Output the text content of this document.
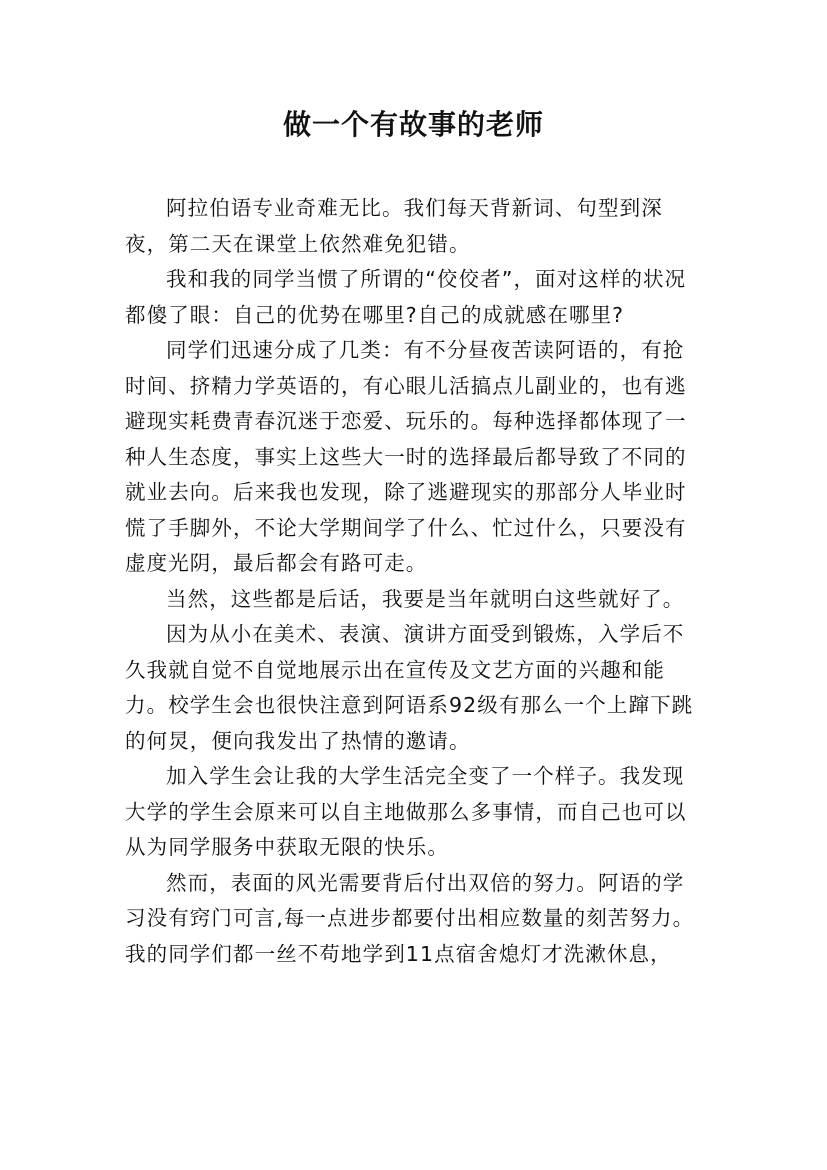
做一个有故事的老师

阿拉伯语专业奇难无比。我们每天背新词、句型到深夜，第二天在课堂上依然难免犯错。

我和我的同学当惯了所谓的“佼佼者”，面对这样的状况都傻了眼：自己的优势在哪里?自己的成就感在哪里?

同学们迅速分成了几类：有不分昼夜苦读阿语的，有抢时间、挤精力学英语的，有心眼儿活搞点儿副业的，也有逃避现实耗费青春沉迷于恋爱、玩乐的。每种选择都体现了一种人生态度，事实上这些大一时的选择最后都导致了不同的就业去向。后来我也发现，除了逃避现实的那部分人毕业时慌了手脚外，不论大学期间学了什么、忙过什么，只要没有虚度光阴，最后都会有路可走。

当然，这些都是后话，我要是当年就明白这些就好了。

因为从小在美术、表演、演讲方面受到锻炼，入学后不久我就自觉不自觉地展示出在宣传及文艺方面的兴趣和能力。校学生会也很快注意到阿语系92级有那么一个上蹿下跳的何炅，便向我发出了热情的邀请。

加入学生会让我的大学生活完全变了一个样子。我发现大学的学生会原来可以自主地做那么多事情，而自己也可以从为同学服务中获取无限的快乐。

然而，表面的风光需要背后付出双倍的努力。阿语的学习没有窍门可言,每一点进步都要付出相应数量的刻苦努力。我的同学们都一丝不苟地学到11点宿舍熄灯才洗漱休息，
